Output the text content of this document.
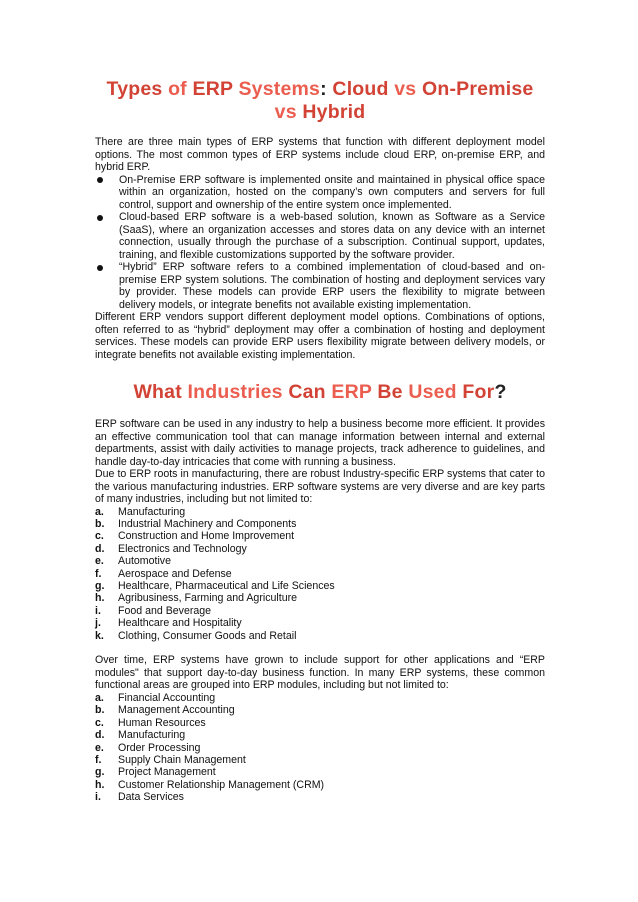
Types of ERP Systems: Cloud vs On-Premise vs Hybrid

There are three main types of ERP systems that function with different deployment model options. The most common types of ERP systems include cloud ERP, on-premise ERP, and hybrid ERP.

On-Premise ERP software is implemented onsite and maintained in physical office space within an organization, hosted on the company’s own computers and servers for full control, support and ownership of the entire system once implemented.
Cloud-based ERP software is a web-based solution, known as Software as a Service (SaaS), where an organization accesses and stores data on any device with an internet connection, usually through the purchase of a subscription. Continual support, updates, training, and flexible customizations supported by the software provider.
“Hybrid” ERP software refers to a combined implementation of cloud-based and on-premise ERP system solutions. The combination of hosting and deployment services vary by provider. These models can provide ERP users the flexibility to migrate between delivery models, or integrate benefits not available existing implementation.

Different ERP vendors support different deployment model options. Combinations of options, often referred to as “hybrid” deployment may offer a combination of hosting and deployment services. These models can provide ERP users flexibility migrate between delivery models, or integrate benefits not available existing implementation.

What Industries Can ERP Be Used For?

ERP software can be used in any industry to help a business become more efficient. It provides an effective communication tool that can manage information between internal and external departments, assist with daily activities to manage projects, track adherence to guidelines, and handle day-to-day intricacies that come with running a business.

Due to ERP roots in manufacturing, there are robust Industry-specific ERP systems that cater to the various manufacturing industries. ERP software systems are very diverse and are key parts of many industries, including but not limited to:

a.	Manufacturing
b.	Industrial Machinery and Components
c.	Construction and Home Improvement
d.	Electronics and Technology
e.	Automotive
f.	Aerospace and Defense
g.	Healthcare, Pharmaceutical and Life Sciences
h.	Agribusiness, Farming and Agriculture
i.	Food and Beverage
j.	Healthcare and Hospitality
k.	Clothing, Consumer Goods and Retail

Over time, ERP systems have grown to include support for other applications and “ERP modules" that support day-to-day business function. In many ERP systems, these common functional areas are grouped into ERP modules, including but not limited to:

a.	Financial Accounting
b.	Management Accounting
c.	Human Resources
d.	Manufacturing
e.	Order Processing
f.	Supply Chain Management
g.	Project Management
h.	Customer Relationship Management (CRM)
i.	Data Services
